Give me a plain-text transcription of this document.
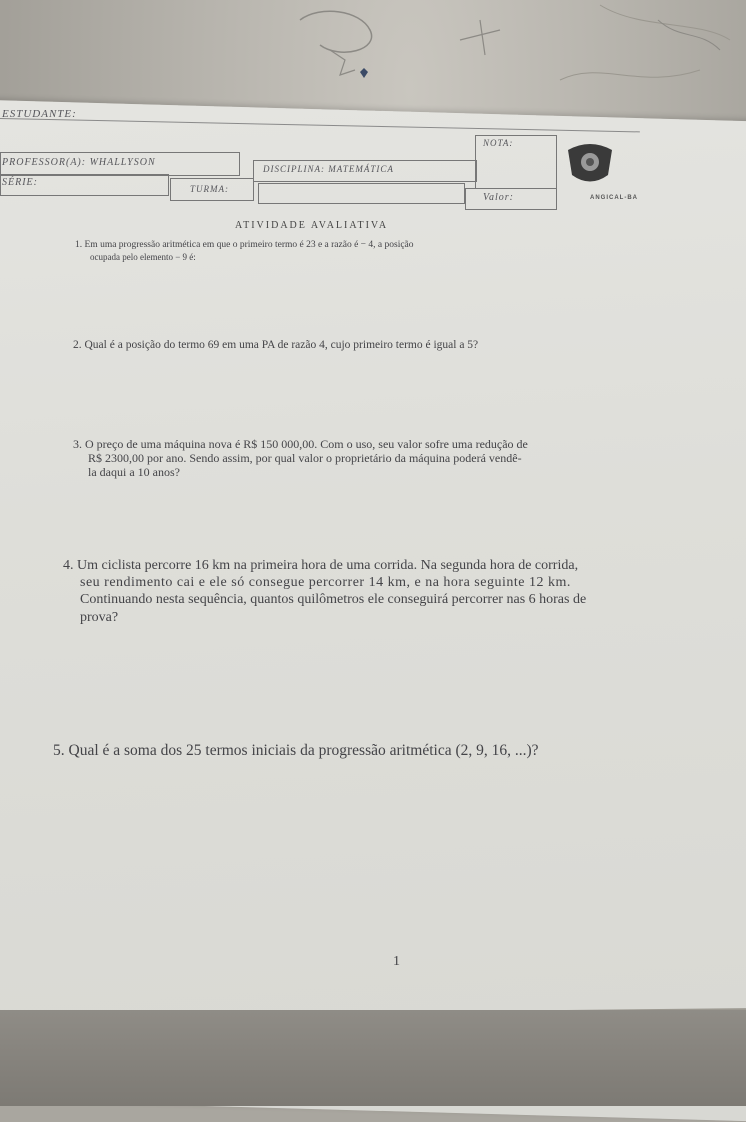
ESTUDANTE:
NOTA:
PROFESSOR(A): WHALLYSON
DISCIPLINA: MATEMÁTICA
SÉRIE:
TURMA:

Valor:	ANGICAL-BA
ATIVIDADE AVALIATIVA
1. Em uma progressão aritmética em que o primeiro termo é 23 e a razão é − 4, a posição
ocupada pelo elemento − 9 é:
2. Qual é a posição do termo 69 em uma PA de razão 4, cujo primeiro termo é igual a 5?
3. O preço de uma máquina nova é R$ 150 000,00. Com o uso, seu valor sofre uma redução de
R$ 2300,00 por ano. Sendo assim, por qual valor o proprietário da máquina poderá vendê-
la daqui a 10 anos?
4. Um ciclista percorre 16 km na primeira hora de uma corrida. Na segunda hora de corrida,
seu rendimento cai e ele só consegue percorrer 14 km, e na hora seguinte 12 km.
Continuando nesta sequência, quantos quilômetros ele conseguirá percorrer nas 6 horas de
prova?
5. Qual é a soma dos 25 termos iniciais da progressão aritmética (2, 9, 16, ...)?
1
